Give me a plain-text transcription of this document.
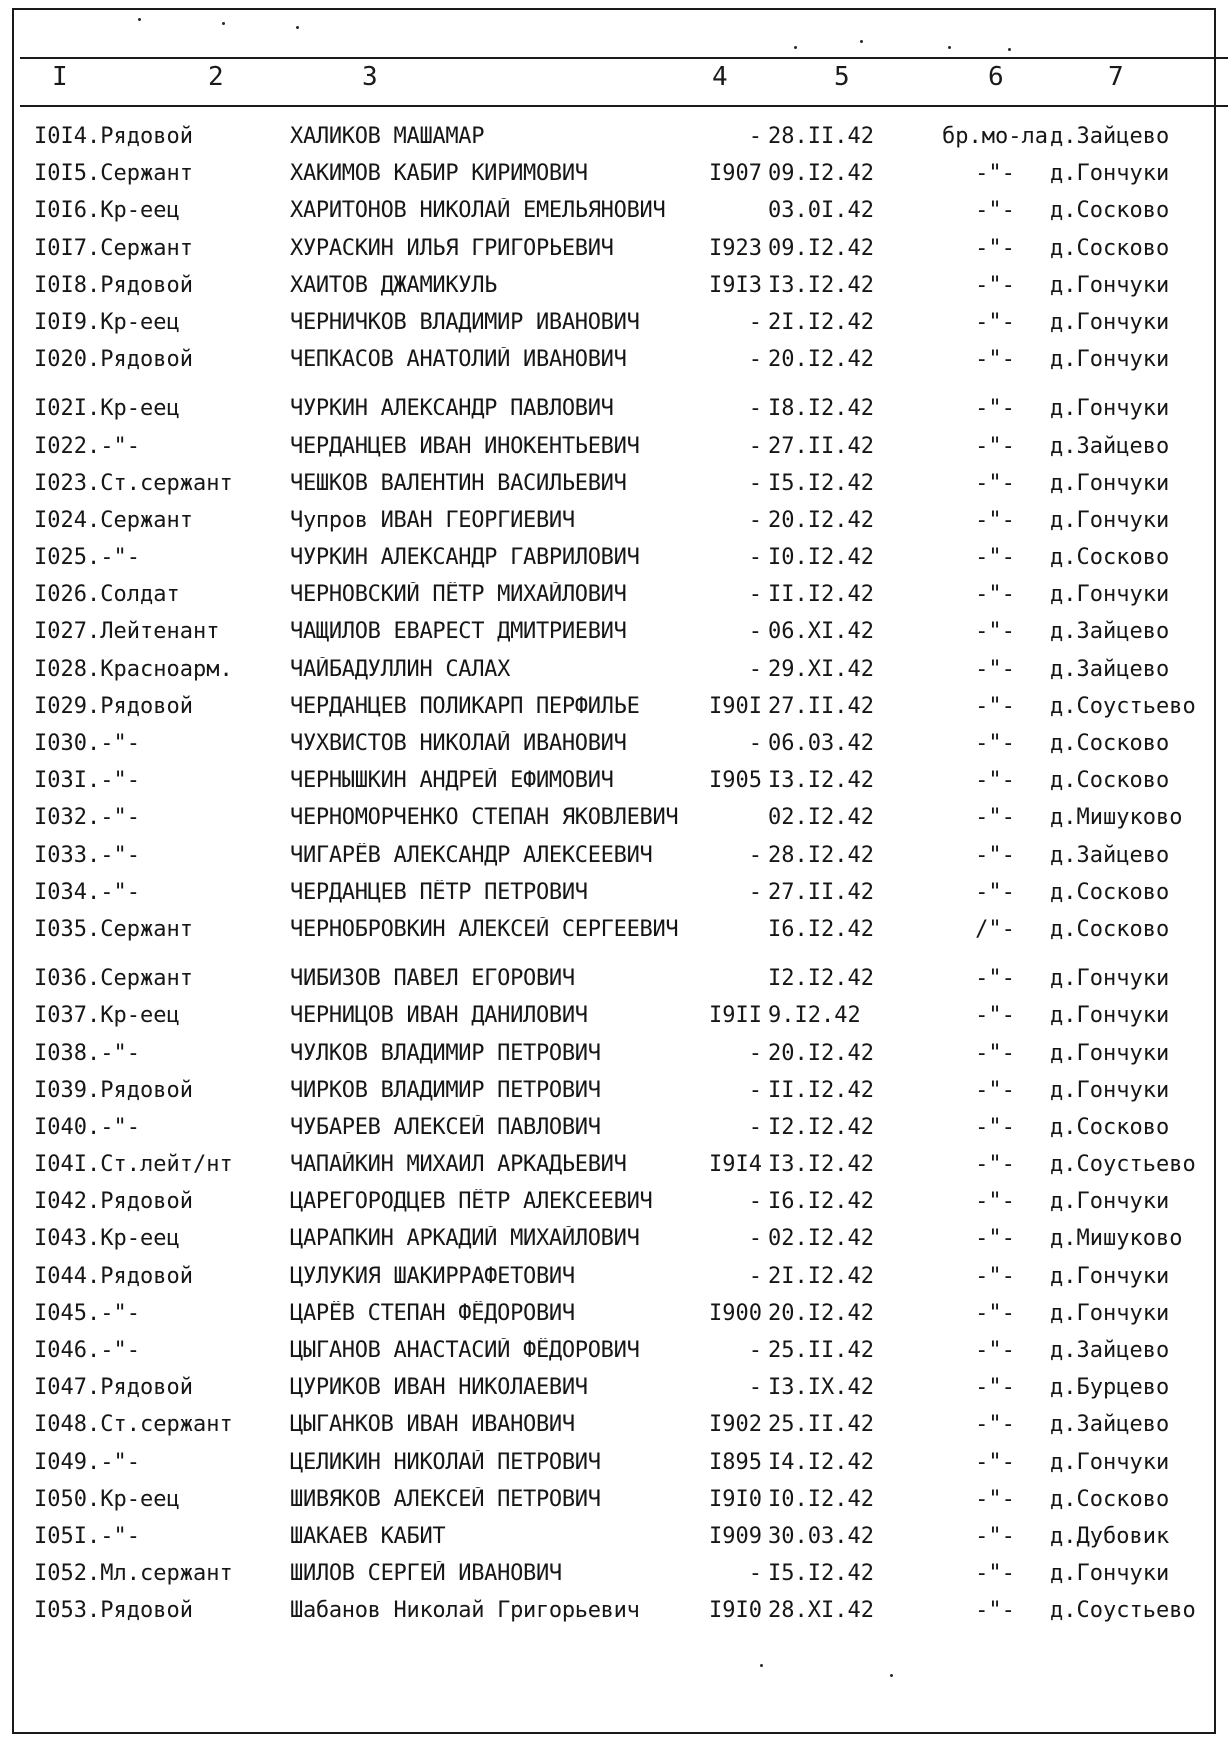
I	2	3	4	5	6	7
I0I4.Рядовой	ХАЛИКОВ МАШАМАР	- 28.II.42	бр.мо-ла д.Зайцево
I0I5.Сержант	ХАКИМОВ КАБИР КИРИМОВИЧ	I907 09.I2.42	-"-	д.Гончуки
I0I6.Кр-еец	ХАРИТОНОВ НИКОЛАЙ ЕМЕЛЬЯНОВИЧ	03.0I.42	-"-	д.Сосково
I0I7.Сержант	ХУРАСКИН ИЛЬЯ ГРИГОРЬЕВИЧ	I923 09.I2.42	-"-	д.Сосково
I0I8.Рядовой	ХАИТОВ ДЖАМИКУЛЬ	I9I3 I3.I2.42	-"-	д.Гончуки
I0I9.Кр-еец	ЧЕРНИЧКОВ ВЛАДИМИР ИВАНОВИЧ	- 2I.I2.42	-"-	д.Гончуки
I020.Рядовой	ЧЕПКАСОВ АНАТОЛИЙ ИВАНОВИЧ	- 20.I2.42	-"-	д.Гончуки
I02I.Кр-еец	ЧУРКИН АЛЕКСАНДР ПАВЛОВИЧ	- I8.I2.42	-"-	д.Гончуки
I022.-"-	ЧЕРДАНЦЕВ ИВАН ИНОКЕНТЬЕВИЧ	- 27.II.42	-"-	д.Зайцево
I023.Ст.сержант	ЧЕШКОВ ВАЛЕНТИН ВАСИЛЬЕВИЧ	- I5.I2.42	-"-	д.Гончуки
I024.Сержант	Чупров ИВАН ГЕОРГИЕВИЧ	- 20.I2.42	-"-	д.Гончуки
I025.-"-	ЧУРКИН АЛЕКСАНДР ГАВРИЛОВИЧ	- I0.I2.42	-"-	д.Сосково
I026.Солдат	ЧЕРНОВСКИЙ ПЁТР МИХАЙЛОВИЧ	- II.I2.42	-"-	д.Гончуки
I027.Лейтенант	ЧАЩИЛОВ ЕВАРЕСТ ДМИТРИЕВИЧ	- 06.XI.42	-"-	д.Зайцево
I028.Красноарм.	ЧАЙБАДУЛЛИН САЛАХ	- 29.XI.42	-"-	д.Зайцево
I029.Рядовой	ЧЕРДАНЦЕВ ПОЛИКАРП ПЕРФИЛЬЕ	I90I 27.II.42	-"-	д.Соустьево
I030.-"-	ЧУХВИСТОВ НИКОЛАЙ ИВАНОВИЧ	- 06.03.42	-"-	д.Сосково
I03I.-"-	ЧЕРНЫШКИН АНДРЕЙ ЕФИМОВИЧ	I905 I3.I2.42	-"-	д.Сосково
I032.-"-	ЧЕРНОМОРЧЕНКО СТЕПАН ЯКОВЛЕВИЧ	02.I2.42	-"-	д.Мишуково
I033.-"-	ЧИГАРЁВ АЛЕКСАНДР АЛЕКСЕЕВИЧ	- 28.I2.42	-"-	д.Зайцево
I034.-"-	ЧЕРДАНЦЕВ ПЁТР ПЕТРОВИЧ	- 27.II.42	-"-	д.Сосково
I035.Сержант	ЧЕРНОБРОВКИН АЛЕКСЕЙ СЕРГЕЕВИЧ	I6.I2.42	/"-	д.Сосково
I036.Сержант	ЧИБИЗОВ ПАВЕЛ ЕГОРОВИЧ	I2.I2.42	-"-	д.Гончуки
I037.Кр-еец	ЧЕРНИЦОВ ИВАН ДАНИЛОВИЧ	I9II 9.I2.42	-"-	д.Гончуки
I038.-"-	ЧУЛКОВ ВЛАДИМИР ПЕТРОВИЧ	- 20.I2.42	-"-	д.Гончуки
I039.Рядовой	ЧИРКОВ ВЛАДИМИР ПЕТРОВИЧ	- II.I2.42	-"-	д.Гончуки
I040.-"-	ЧУБАРЕВ АЛЕКСЕЙ ПАВЛОВИЧ	- I2.I2.42	-"-	д.Сосково
I04I.Ст.лейт/нт	ЧАПАЙКИН МИХАИЛ АРКАДЬЕВИЧ	I9I4 I3.I2.42	-"-	д.Соустьево
I042.Рядовой	ЦАРЕГОРОДЦЕВ ПЁТР АЛЕКСЕЕВИЧ	- I6.I2.42	-"-	д.Гончуки
I043.Кр-еец	ЦАРАПКИН АРКАДИЙ МИХАЙЛОВИЧ	- 02.I2.42	-"-	д.Мишуково
I044.Рядовой	ЦУЛУКИЯ ШАКИРРАФЕТОВИЧ	- 2I.I2.42	-"-	д.Гончуки
I045.-"-	ЦАРЁВ СТЕПАН ФЁДОРОВИЧ	I900 20.I2.42	-"-	д.Гончуки
I046.-"-	ЦЫГАНОВ АНАСТАСИЙ ФЁДОРОВИЧ	- 25.II.42	-"-	д.Зайцево
I047.Рядовой	ЦУРИКОВ ИВАН НИКОЛАЕВИЧ	- I3.IX.42	-"-	д.Бурцево
I048.Ст.сержант	ЦЫГАНКОВ ИВАН ИВАНОВИЧ	I902 25.II.42	-"-	д.Зайцево
I049.-"-	ЦЕЛИКИН НИКОЛАЙ ПЕТРОВИЧ	I895 I4.I2.42	-"-	д.Гончуки
I050.Кр-еец	ШИВЯКОВ АЛЕКСЕЙ ПЕТРОВИЧ	I9I0 I0.I2.42	-"-	д.Сосково
I05I.-"-	ШАКАЕВ КАБИТ	I909 30.03.42	-"-	д.Дубовик
I052.Мл.сержант	ШИЛОВ СЕРГЕЙ ИВАНОВИЧ	- I5.I2.42	-"-	д.Гончуки
I053.Рядовой	Шабанов Николай Григорьевич	I9I0 28.XI.42	-"-	д.Соустьево
